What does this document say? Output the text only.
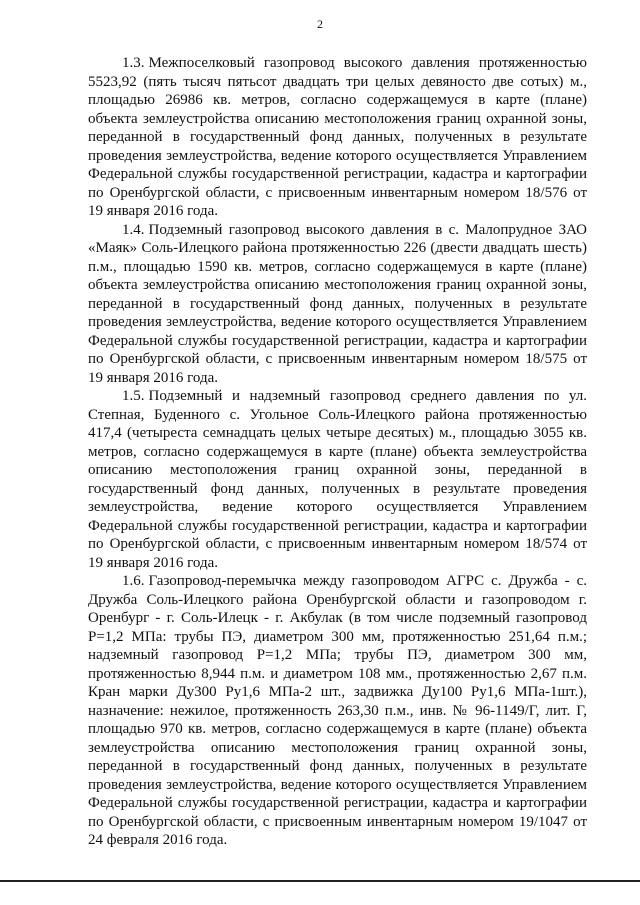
2

1.3. Межпоселковый газопровод высокого давления протяженностью 5523,92 (пять тысяч пятьсот двадцать три целых девяносто две сотых) м., площадью 26986 кв. метров, согласно содержащемуся в карте (плане) объекта землеустройства описанию местоположения границ охранной зоны, переданной в государственный фонд данных, полученных в результате проведения землеустройства, ведение которого осуществляется Управлением Федеральной службы государственной регистрации, кадастра и картографии по Оренбургской области, с присвоенным инвентарным номером 18/576 от 19 января 2016 года.

1.4. Подземный газопровод высокого давления в с. Малопрудное ЗАО «Маяк» Соль-Илецкого района протяженностью 226 (двести двадцать шесть) п.м., площадью 1590 кв. метров, согласно содержащемуся в карте (плане) объекта землеустройства описанию местоположения границ охранной зоны, переданной в государственный фонд данных, полученных в результате проведения землеустройства, ведение которого осуществляется Управлением Федеральной службы государственной регистрации, кадастра и картографии по Оренбургской области, с присвоенным инвентарным номером 18/575 от 19 января 2016 года.

1.5. Подземный и надземный газопровод среднего давления по ул. Степная, Буденного с. Угольное Соль-Илецкого района протяженностью 417,4 (четыреста семнадцать целых четыре десятых) м., площадью 3055 кв. метров, согласно содержащемуся в карте (плане) объекта землеустройства описанию местоположения границ охранной зоны, переданной в государственный фонд данных, полученных в результате проведения землеустройства, ведение которого осуществляется Управлением Федеральной службы государственной регистрации, кадастра и картографии по Оренбургской области, с присвоенным инвентарным номером 18/574 от 19 января 2016 года.

1.6. Газопровод-перемычка между газопроводом АГРС с. Дружба - с. Дружба Соль-Илецкого района Оренбургской области и газопроводом г. Оренбург - г. Соль-Илецк - г. Акбулак (в том числе подземный газопровод Р=1,2 МПа: трубы ПЭ, диаметром 300 мм, протяженностью 251,64 п.м.; надземный газопровод Р=1,2 МПа; трубы ПЭ, диаметром 300 мм, протяженностью 8,944 п.м. и диаметром 108 мм., протяженностью 2,67 п.м. Кран марки Ду300 Ру1,6 МПа-2 шт., задвижка Ду100 Ру1,6 МПа-1шт.), назначение: нежилое, протяженность 263,30 п.м., инв. № 96-1149/Г, лит. Г, площадью 970 кв. метров, согласно содержащемуся в карте (плане) объекта землеустройства описанию местоположения границ охранной зоны, переданной в государственный фонд данных, полученных в результате проведения землеустройства, ведение которого осуществляется Управлением Федеральной службы государственной регистрации, кадастра и картографии по Оренбургской области, с присвоенным инвентарным номером 19/1047 от 24 февраля 2016 года.
